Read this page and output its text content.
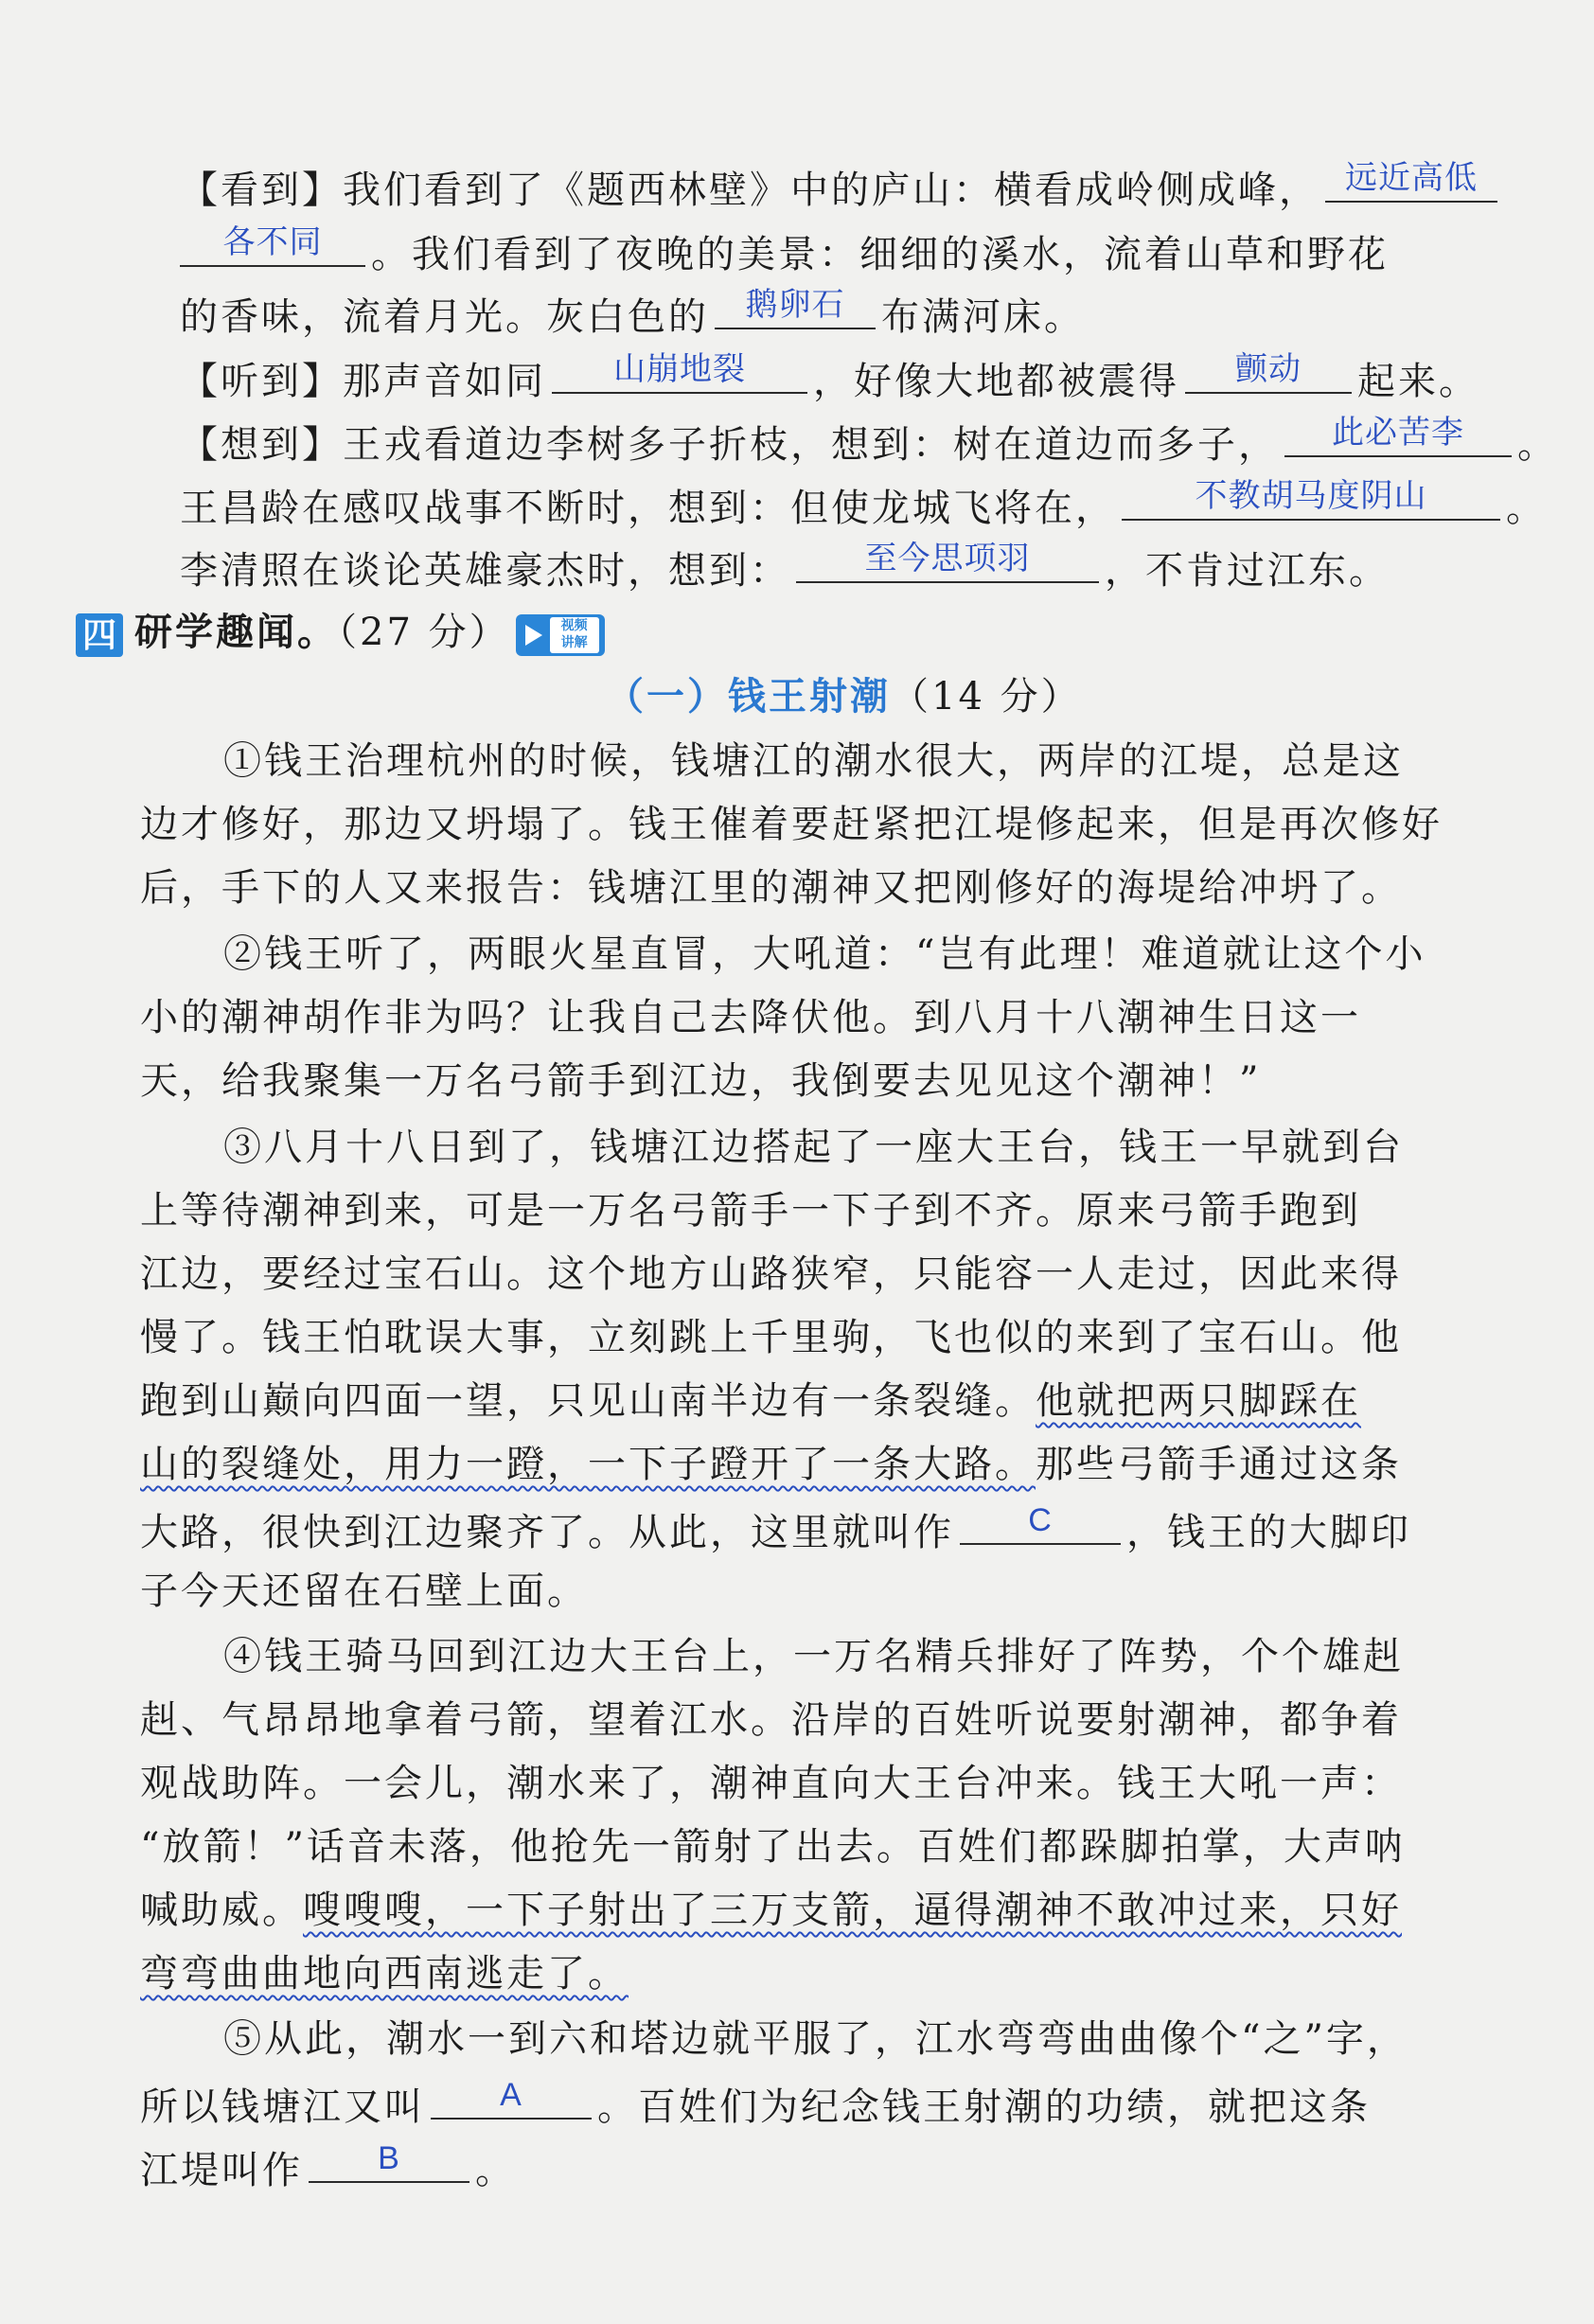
【看到】我们看到了《题西林壁》中的庐山：横看成岭侧成峰， 远近高低
各不同	。我们看到了夜晚的美景：细细的溪水，流着山草和野花
的香味，流着月光。灰白色的	鹅卵石 布满河床。
【听到】那声音如同	山崩地裂	，好像大地都被震得	颤动	起来。
【想到】王戎看道边李树多子折枝，想到：树在道边而多子，	此必苦李	。
王昌龄在感叹战事不断时，想到：但使龙城飞将在，	不教胡马度阴山	。
李清照在谈论英雄豪杰时，想到：	至今思项羽	，不肯过江东。
四 研学趣闻。（27 分）	视频
讲解
（一）钱王射潮（14 分）
①钱王治理杭州的时候，钱塘江的潮水很大，两岸的江堤，总是这
边才修好，那边又坍塌了。钱王催着要赶紧把江堤修起来，但是再次修好
后，手下的人又来报告：钱塘江里的潮神又把刚修好的海堤给冲坍了。
②钱王听了，两眼火星直冒，大吼道：“岂有此理！难道就让这个小
小的潮神胡作非为吗？让我自己去降伏他。到八月十八潮神生日这一
天，给我聚集一万名弓箭手到江边，我倒要去见见这个潮神！”
③八月十八日到了，钱塘江边搭起了一座大王台，钱王一早就到台
上等待潮神到来，可是一万名弓箭手一下子到不齐。原来弓箭手跑到
江边，要经过宝石山。这个地方山路狭窄，只能容一人走过，因此来得
慢了。钱王怕耽误大事，立刻跳上千里驹，飞也似的来到了宝石山。他
跑到山巅向四面一望，只见山南半边有一条裂缝。他就把两只脚踩在
山的裂缝处，用力一蹬，一下子蹬开了一条大路。那些弓箭手通过这条
大路，很快到江边聚齐了。从此，这里就叫作	C	，钱王的大脚印
子今天还留在石壁上面。
④钱王骑马回到江边大王台上，一万名精兵排好了阵势，个个雄赳
赳、气昂昂地拿着弓箭，望着江水。沿岸的百姓听说要射潮神，都争着
观战助阵。一会儿，潮水来了，潮神直向大王台冲来。钱王大吼一声：
“放箭！”话音未落，他抢先一箭射了出去。百姓们都跺脚拍掌，大声呐
喊助威。嗖嗖嗖，一下子射出了三万支箭，逼得潮神不敢冲过来，只好
弯弯曲曲地向西南逃走了。
⑤从此，潮水一到六和塔边就平服了，江水弯弯曲曲像个“之”字，
所以钱塘江又叫	A	。百姓们为纪念钱王射潮的功绩，就把这条
江堤叫作	B	。
